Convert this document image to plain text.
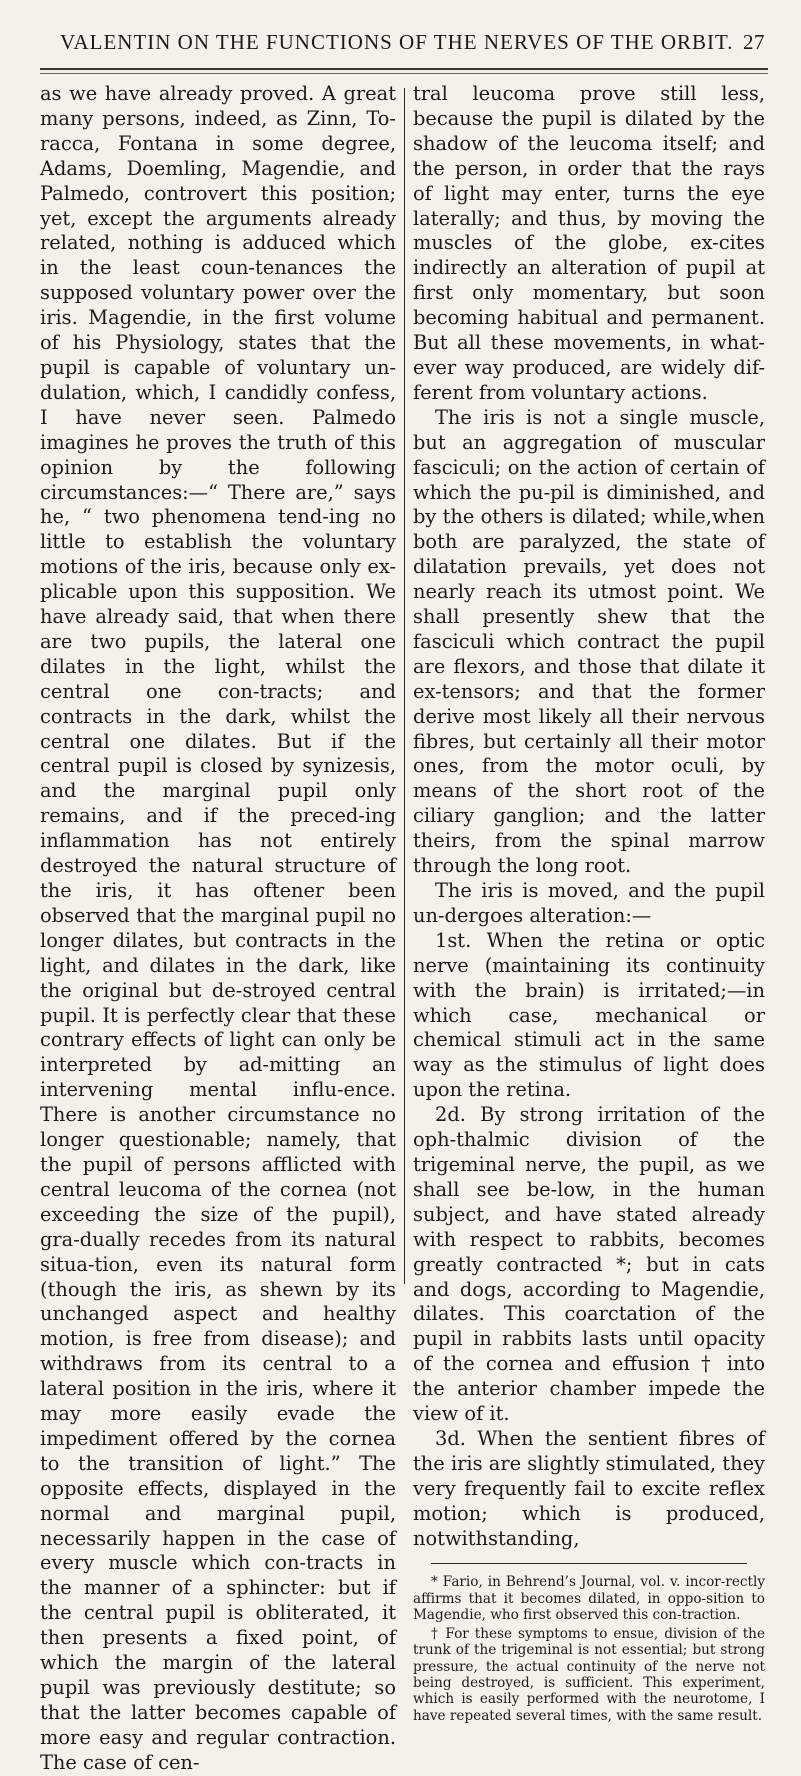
VALENTIN ON THE FUNCTIONS OF THE NERVES OF THE ORBIT. 27

as we have already proved. A great many persons, indeed, as Zinn, To-racca, Fontana in some degree, Adams, Doemling, Magendie, and Palmedo, controvert this position; yet, except the arguments already related, nothing is adduced which in the least coun-tenances the supposed voluntary power over the iris. Magendie, in the first volume of his Physiology, states that the pupil is capable of voluntary un-dulation, which, I candidly confess, I have never seen. Palmedo imagines he proves the truth of this opinion by the following circumstances:—“ There are,” says he, “ two phenomena tend-ing no little to establish the voluntary motions of the iris, because only ex-plicable upon this supposition. We have already said, that when there are two pupils, the lateral one dilates in the light, whilst the central one con-tracts; and contracts in the dark, whilst the central one dilates. But if the central pupil is closed by synizesis, and the marginal pupil only remains, and if the preced-ing inflammation has not entirely destroyed the natural structure of the iris, it has oftener been observed that the marginal pupil no longer dilates, but contracts in the light, and dilates in the dark, like the original but de-stroyed central pupil. It is perfectly clear that these contrary effects of light can only be interpreted by ad-mitting an intervening mental influ-ence. There is another circumstance no longer questionable; namely, that the pupil of persons afflicted with central leucoma of the cornea (not exceeding the size of the pupil), gra-dually recedes from its natural situa-tion, even its natural form (though the iris, as shewn by its unchanged aspect and healthy motion, is free from disease); and withdraws from its central to a lateral position in the iris, where it may more easily evade the impediment offered by the cornea to the transition of light.” The opposite effects, displayed in the normal and marginal pupil, necessarily happen in the case of every muscle which con-tracts in the manner of a sphincter: but if the central pupil is obliterated, it then presents a fixed point, of which the margin of the lateral pupil was previously destitute; so that the latter becomes capable of more easy and regular contraction. The case of cen-

tral leucoma prove still less, because the pupil is dilated by the shadow of the leucoma itself; and the person, in order that the rays of light may enter, turns the eye laterally; and thus, by moving the muscles of the globe, ex-cites indirectly an alteration of pupil at first only momentary, but soon becoming habitual and permanent. But all these movements, in what-ever way produced, are widely dif-ferent from voluntary actions.

The iris is not a single muscle, but an aggregation of muscular fasciculi; on the action of certain of which the pu-pil is diminished, and by the others is dilated; while,when both are paralyzed, the state of dilatation prevails, yet does not nearly reach its utmost point. We shall presently shew that the fasciculi which contract the pupil are flexors, and those that dilate it ex-tensors; and that the former derive most likely all their nervous fibres, but certainly all their motor ones, from the motor oculi, by means of the short root of the ciliary ganglion; and the latter theirs, from the spinal marrow through the long root.

The iris is moved, and the pupil un-dergoes alteration:—

1st. When the retina or optic nerve (maintaining its continuity with the brain) is irritated;—in which case, mechanical or chemical stimuli act in the same way as the stimulus of light does upon the retina.

2d. By strong irritation of the oph-thalmic division of the trigeminal nerve, the pupil, as we shall see be-low, in the human subject, and have stated already with respect to rabbits, becomes greatly contracted *; but in cats and dogs, according to Magendie, dilates. This coarctation of the pupil in rabbits lasts until opacity of the cornea and effusion † into the anterior chamber impede the view of it.

3d. When the sentient fibres of the iris are slightly stimulated, they very frequently fail to excite reflex motion; which is produced, notwithstanding,

* Fario, in Behrend’s Journal, vol. v. incor-rectly affirms that it becomes dilated, in oppo-sition to Magendie, who first observed this con-traction.

† For these symptoms to ensue, division of the trunk of the trigeminal is not essential; but strong pressure, the actual continuity of the nerve not being destroyed, is sufficient. This experiment, which is easily performed with the neurotome, I have repeated several times, with the same result.
